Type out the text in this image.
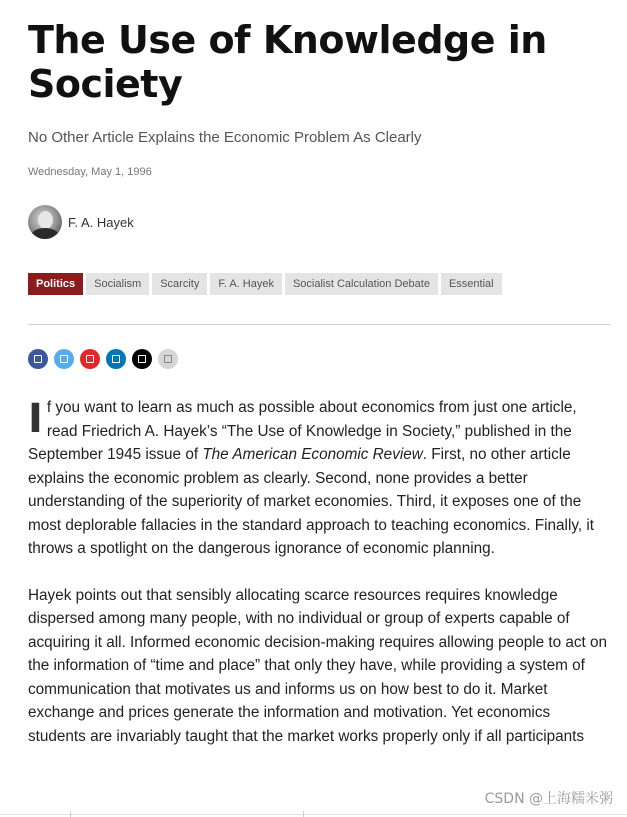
The Use of Knowledge in Society
No Other Article Explains the Economic Problem As Clearly
Wednesday, May 1, 1996
F. A. Hayek
Politics	Socialism	Scarcity	F. A. Hayek	Socialist Calculation Debate	Essential

If you want to learn as much as possible about economics from just one article, read Friedrich A. Hayek’s “The Use of Knowledge in Society,” published in the September 1945 issue of The American Economic Review. First, no other article explains the economic problem as clearly. Second, none provides a better understanding of the superiority of market economies. Third, it exposes one of the most deplorable fallacies in the standard approach to teaching economics. Finally, it throws a spotlight on the dangerous ignorance of economic planning.

Hayek points out that sensibly allocating scarce resources requires knowledge dispersed among many people, with no individual or group of experts capable of acquiring it all. Informed economic decision-making requires allowing people to act on the information of “time and place” that only they have, while providing a system of communication that motivates us and informs us on how best to do it. Market exchange and prices generate the information and motivation. Yet economics students are invariably taught that the market works properly only if all participants

CSDN @上海糯米粥
